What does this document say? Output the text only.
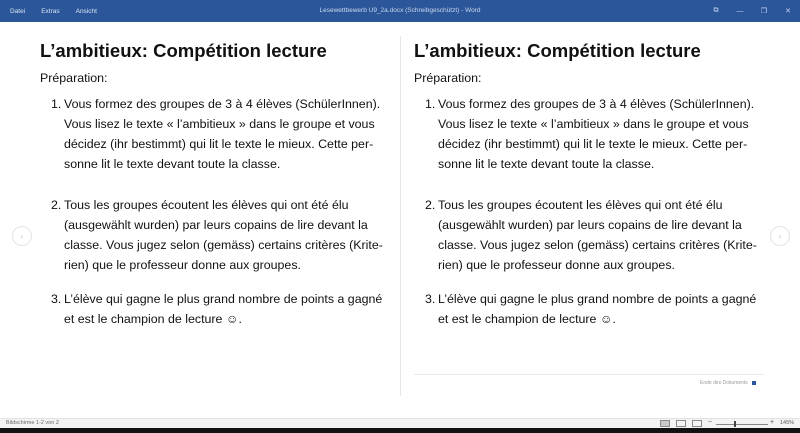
Datei Extras Ansicht	Lesewettbewerb U9_2a.docx (Schreibgeschützt) - Word	⧉	—	❐	✕
‹
L’ambitieux: Compétition lecture
Préparation:
1. Vous formez des groupes de 3 à 4 élèves (SchülerInnen).
Vous lisez le texte « l’ambitieux » dans le groupe et vous
décidez (ihr bestimmt) qui lit le texte le mieux. Cette per-
sonne lit le texte devant toute la classe.
2. Tous les groupes écoutent les élèves qui ont été élu
(ausgewählt wurden) par leurs copains de lire devant la
classe. Vous jugez selon (gemäss) certains critères (Krite-
rien) que le professeur donne aux groupes.
3. L’élève qui gagne le plus grand nombre de points a gagné
et est le champion de lecture ☺.
L’ambitieux: Compétition lecture
Préparation:
1. Vous formez des groupes de 3 à 4 élèves (SchülerInnen).
Vous lisez le texte « l’ambitieux » dans le groupe et vous
décidez (ihr bestimmt) qui lit le texte le mieux. Cette per-
sonne lit le texte devant toute la classe.
2. Tous les groupes écoutent les élèves qui ont été élu
(ausgewählt wurden) par leurs copains de lire devant la
classe. Vous jugez selon (gemäss) certains critères (Krite-
rien) que le professeur donne aux groupes.
3. L’élève qui gagne le plus grand nombre de points a gagné
et est le champion de lecture ☺.
Ende des Dokuments
›
Bildschirme 1-2 von 2	−	+ 145%
